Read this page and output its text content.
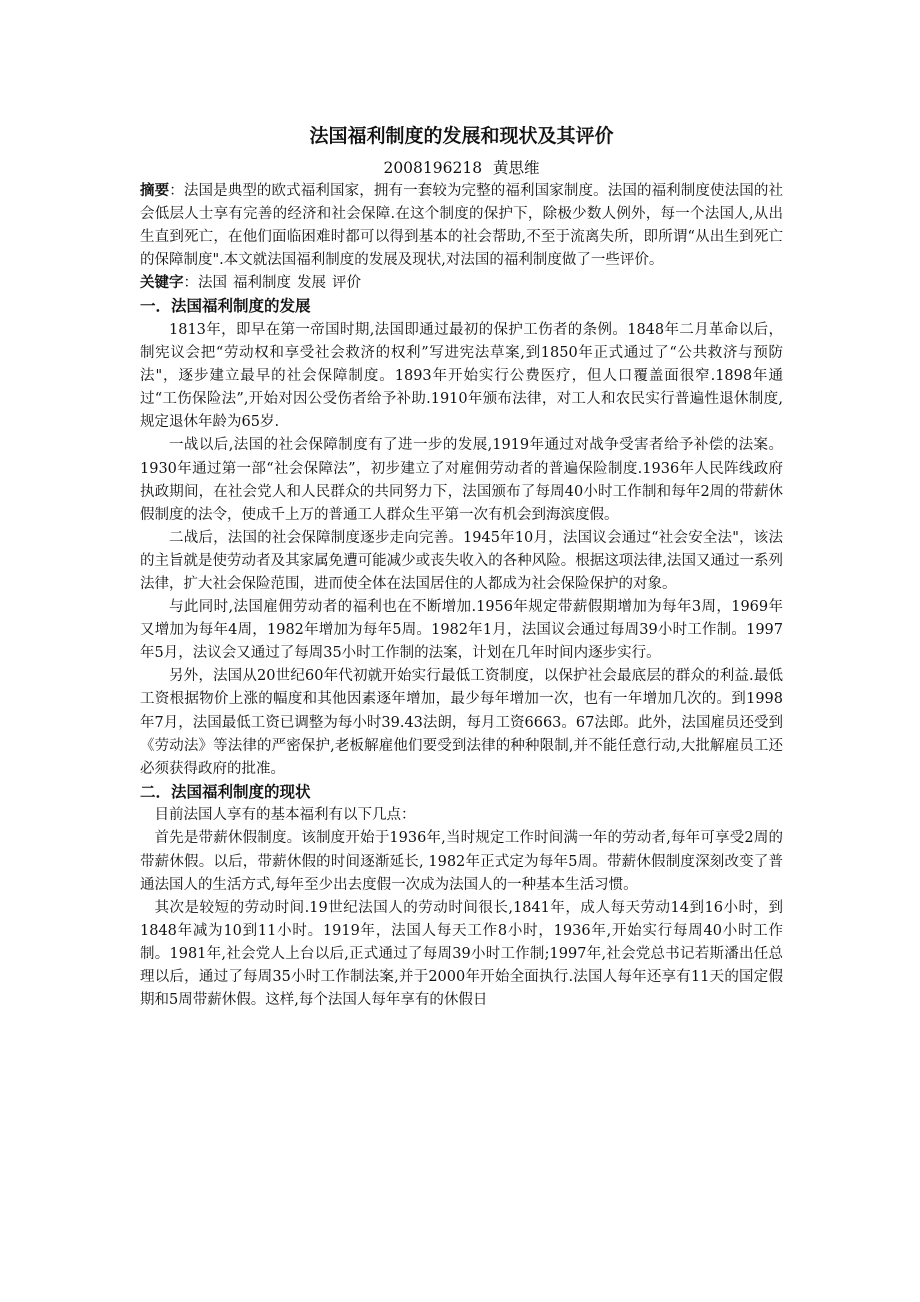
法国福利制度的发展和现状及其评价
2008196218 黄思维

摘要：法国是典型的欧式福利国家，拥有一套较为完整的福利国家制度。法国的福利制度使法国的社会低层人士享有完善的经济和社会保障.在这个制度的保护下，除极少数人例外，每一个法国人,从出生直到死亡，在他们面临困难时都可以得到基本的社会帮助,不至于流离失所，即所谓“从出生到死亡的保障制度".本文就法国福利制度的发展及现状,对法国的福利制度做了一些评价。

关键字：法国 福利制度 发展 评价

一．法国福利制度的发展

1813年，即早在第一帝国时期,法国即通过最初的保护工伤者的条例。1848年二月革命以后，制宪议会把“劳动权和享受社会救济的权利”写进宪法草案,到1850年正式通过了“公共救济与预防法"，逐步建立最早的社会保障制度。1893年开始实行公费医疗，但人口覆盖面很窄.1898年通过“工伤保险法”,开始对因公受伤者给予补助.1910年颁布法律，对工人和农民实行普遍性退休制度,规定退休年龄为65岁.

一战以后,法国的社会保障制度有了进一步的发展,1919年通过对战争受害者给予补偿的法案。1930年通过第一部“社会保障法”，初步建立了对雇佣劳动者的普遍保险制度.1936年人民阵线政府执政期间，在社会党人和人民群众的共同努力下，法国颁布了每周40小时工作制和每年2周的带薪休假制度的法令，使成千上万的普通工人群众生平第一次有机会到海滨度假。

二战后，法国的社会保障制度逐步走向完善。1945年10月，法国议会通过“社会安全法"，该法的主旨就是使劳动者及其家属免遭可能减少或丧失收入的各种风险。根据这项法律,法国又通过一系列法律，扩大社会保险范围，进而使全体在法国居住的人都成为社会保险保护的对象。

与此同时,法国雇佣劳动者的福利也在不断增加.1956年规定带薪假期增加为每年3周，1969年又增加为每年4周，1982年增加为每年5周。1982年1月，法国议会通过每周39小时工作制。1997年5月，法议会又通过了每周35小时工作制的法案，计划在几年时间内逐步实行。

另外，法国从20世纪60年代初就开始实行最低工资制度，以保护社会最底层的群众的利益.最低工资根据物价上涨的幅度和其他因素逐年增加，最少每年增加一次，也有一年增加几次的。到1998年7月，法国最低工资已调整为每小时39.43法朗，每月工资6663。67法郎。此外，法国雇员还受到《劳动法》等法律的严密保护,老板解雇他们要受到法律的种种限制,并不能任意行动,大批解雇员工还必须获得政府的批准。

二．法国福利制度的现状

目前法国人享有的基本福利有以下几点：

首先是带薪休假制度。该制度开始于1936年,当时规定工作时间满一年的劳动者,每年可享受2周的带薪休假。以后，带薪休假的时间逐渐延长, 1982年正式定为每年5周。带薪休假制度深刻改变了普通法国人的生活方式,每年至少出去度假一次成为法国人的一种基本生活习惯。

其次是较短的劳动时间.19世纪法国人的劳动时间很长,1841年，成人每天劳动14到16小时，到1848年减为10到11小时。1919年，法国人每天工作8小时，1936年,开始实行每周40小时工作制。1981年,社会党人上台以后,正式通过了每周39小时工作制;1997年,社会党总书记若斯潘出任总理以后，通过了每周35小时工作制法案,并于2000年开始全面执行.法国人每年还享有11天的国定假期和5周带薪休假。这样,每个法国人每年享有的休假日
